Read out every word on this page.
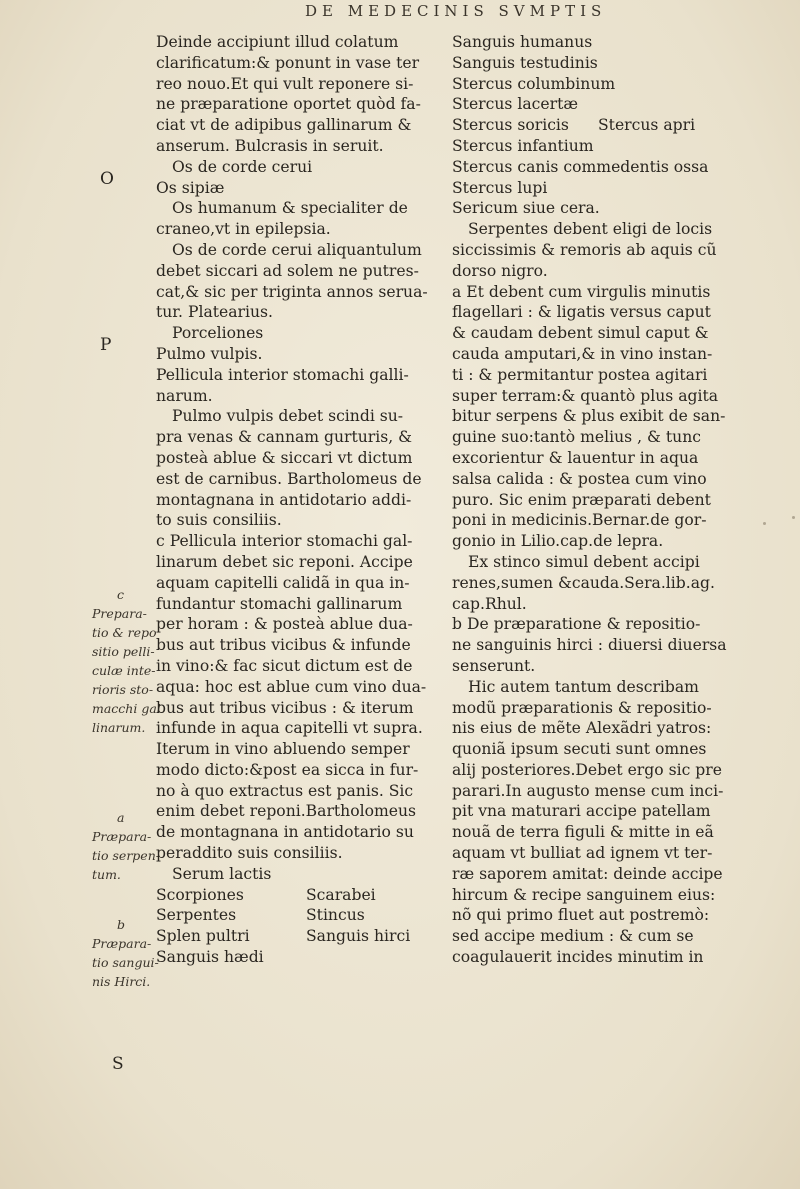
DE MEDECINIS SVMPTIS
O
P
S
c
Prepara-
tio & repo
sitio pelli-
culæ inte-
rioris sto-
macchi gal
linarum.
a
Præpara-
tio serpen-
tum.
b
Præpara-
tio sangui-
nis Hirci.
Deinde accipiunt illud colatum
clarificatum:& ponunt in vase ter
reo nouo.Et qui vult reponere si-
ne præparatione oportet quòd fa-
ciat vt de adipibus gallinarum &
anserum. Bulcrasis in seruit.
Os de corde cerui
Os sipiæ
Os humanum & specialiter de
craneo,vt in epilepsia.
Os de corde cerui aliquantulum
debet siccari ad solem ne putres-
cat,& sic per triginta annos serua-
tur. Platearius.
Porceliones
Pulmo vulpis.
Pellicula interior stomachi galli-
narum.
Pulmo vulpis debet scindi su-
pra venas & cannam gurturis, &
posteà ablue & siccari vt dictum
est de carnibus. Bartholomeus de
montagnana in antidotario addi-
to suis consiliis.
c Pellicula interior stomachi gal-
linarum debet sic reponi. Accipe
aquam capitelli calidã in qua in-
fundantur stomachi gallinarum
per horam : & posteà ablue dua-
bus aut tribus vicibus & infunde
in vino:& fac sicut dictum est de
aqua: hoc est ablue cum vino dua-
bus aut tribus vicibus : & iterum
infunde in aqua capitelli vt supra.
Iterum in vino abluendo semper
modo dicto:&post ea sicca in fur-
no à quo extractus est panis. Sic
enim debet reponi.Bartholomeus
de montagnana in antidotario su
peraddito suis consiliis.
Serum lactis
Scorpiones	Scarabei
Serpentes	Stincus
Splen pultri	Sanguis hirci
Sanguis hædi
Sanguis humanus
Sanguis testudinis
Stercus columbinum
Stercus lacertæ
Stercus soricis	Stercus apri
Stercus infantium
Stercus canis commedentis ossa
Stercus lupi
Sericum siue cera.
Serpentes debent eligi de locis
siccissimis & remoris ab aquis cũ
dorso nigro.
a Et debent cum virgulis minutis
flagellari : & ligatis versus caput
& caudam debent simul caput &
cauda amputari,& in vino instan-
ti : & permitantur postea agitari
super terram:& quantò plus agita
bitur serpens & plus exibit de san-
guine suo:tantò melius , & tunc
excorientur & lauentur in aqua
salsa calida : & postea cum vino
puro. Sic enim præparati debent
poni in medicinis.Bernar.de gor-
gonio in Lilio.cap.de lepra.
Ex stinco simul debent accipi
renes,sumen &cauda.Sera.lib.ag.
cap.Rhul.
b De præparatione & repositio-
ne sanguinis hirci : diuersi diuersa
senserunt.
Hic autem tantum describam
modũ præparationis & repositio-
nis eius de mẽte Alexãdri yatros:
quoniã ipsum secuti sunt omnes
alij posteriores.Debet ergo sic pre
parari.In augusto mense cum inci-
pit vna maturari accipe patellam
nouã de terra figuli & mitte in eã
aquam vt bulliat ad ignem vt ter-
ræ saporem amitat: deinde accipe
hircum & recipe sanguinem eius:
nõ qui primo fluet aut postremò:
sed accipe medium : & cum se
coagulauerit incides minutim in
